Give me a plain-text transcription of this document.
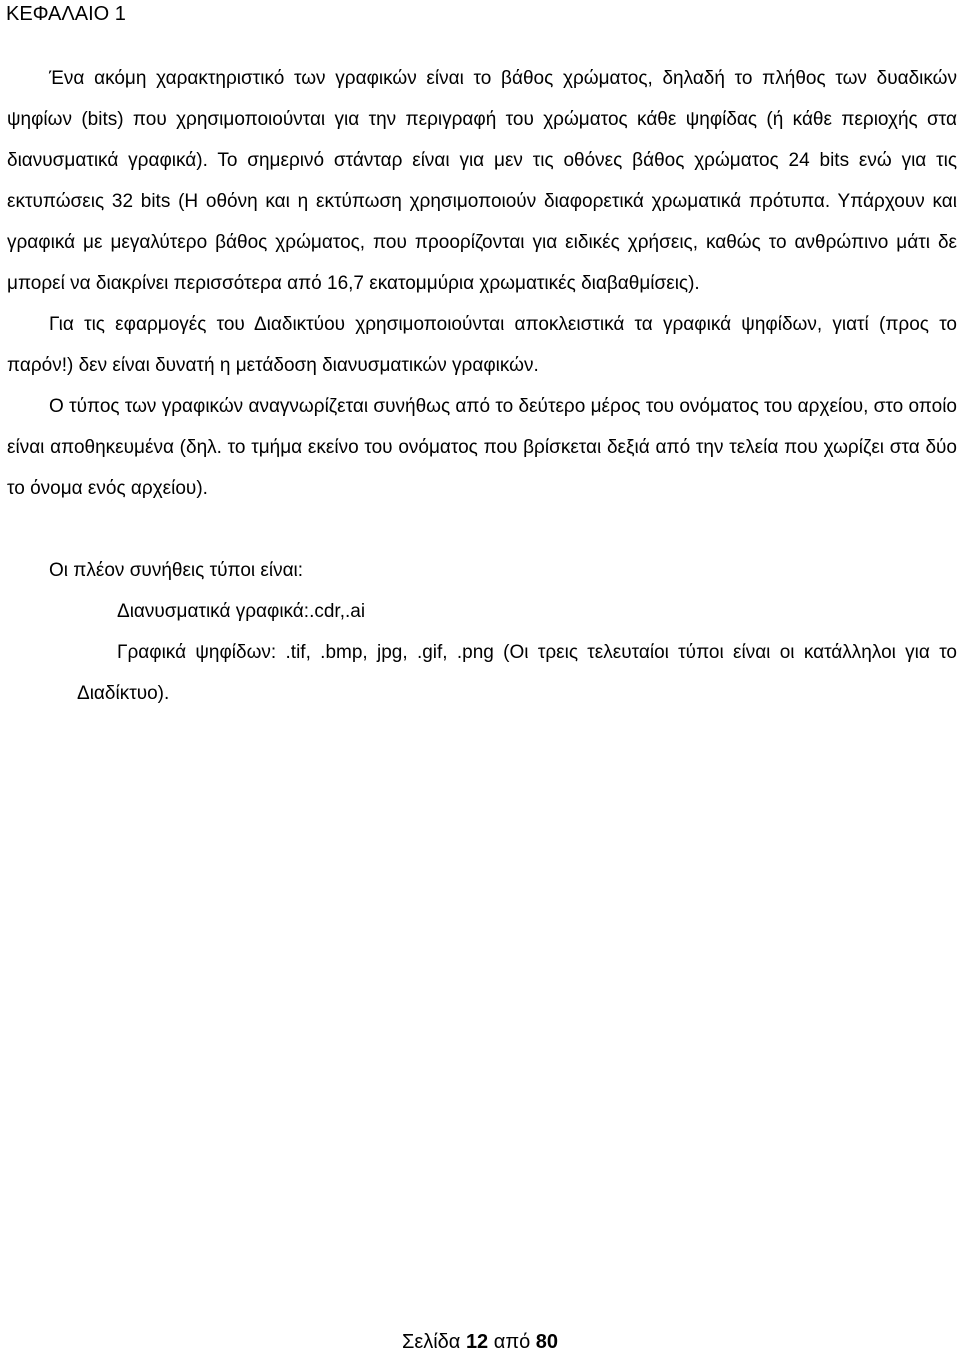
ΚΕΦΑΛΑΙΟ 1

Ένα ακόμη χαρακτηριστικό των γραφικών είναι το βάθος χρώματος, δηλαδή το πλήθος των δυαδικών ψηφίων (bits) που χρησιμοποιούνται για την περιγραφή του χρώματος κάθε ψηφίδας (ή κάθε περιοχής στα διανυσματικά γραφικά). Το σημερινό στάνταρ είναι για μεν τις οθόνες βάθος χρώματος 24 bits ενώ για τις εκτυπώσεις 32 bits (Η οθόνη και η εκτύπωση χρησιμοποιούν διαφορετικά χρωματικά πρότυπα. Υπάρχουν και γραφικά με μεγαλύτερο βάθος χρώματος, που προορίζονται για ειδικές χρήσεις, καθώς το ανθρώπινο μάτι δε μπορεί να διακρίνει περισσότερα από 16,7 εκατομμύρια χρωματικές διαβαθμίσεις).

Για τις εφαρμογές του Διαδικτύου χρησιμοποιούνται αποκλειστικά τα γραφικά ψηφίδων, γιατί (προς το παρόν!) δεν είναι δυνατή η μετάδοση διανυσματικών γραφικών.

Ο τύπος των γραφικών αναγνωρίζεται συνήθως από το δεύτερο μέρος του ονόματος του αρχείου, στο οποίο είναι αποθηκευμένα (δηλ. το τμήμα εκείνο του ονόματος που βρίσκεται δεξιά από την τελεία που χωρίζει στα δύο το όνομα ενός αρχείου).

Οι πλέον συνήθεις τύποι είναι:

Διανυσματικά γραφικά:.cdr,.ai

Γραφικά ψηφίδων: .tif, .bmp, jpg, .gif, .png (Οι τρεις τελευταίοι τύποι είναι οι κατάλληλοι για το Διαδίκτυο).

Σελίδα 12 από 80
